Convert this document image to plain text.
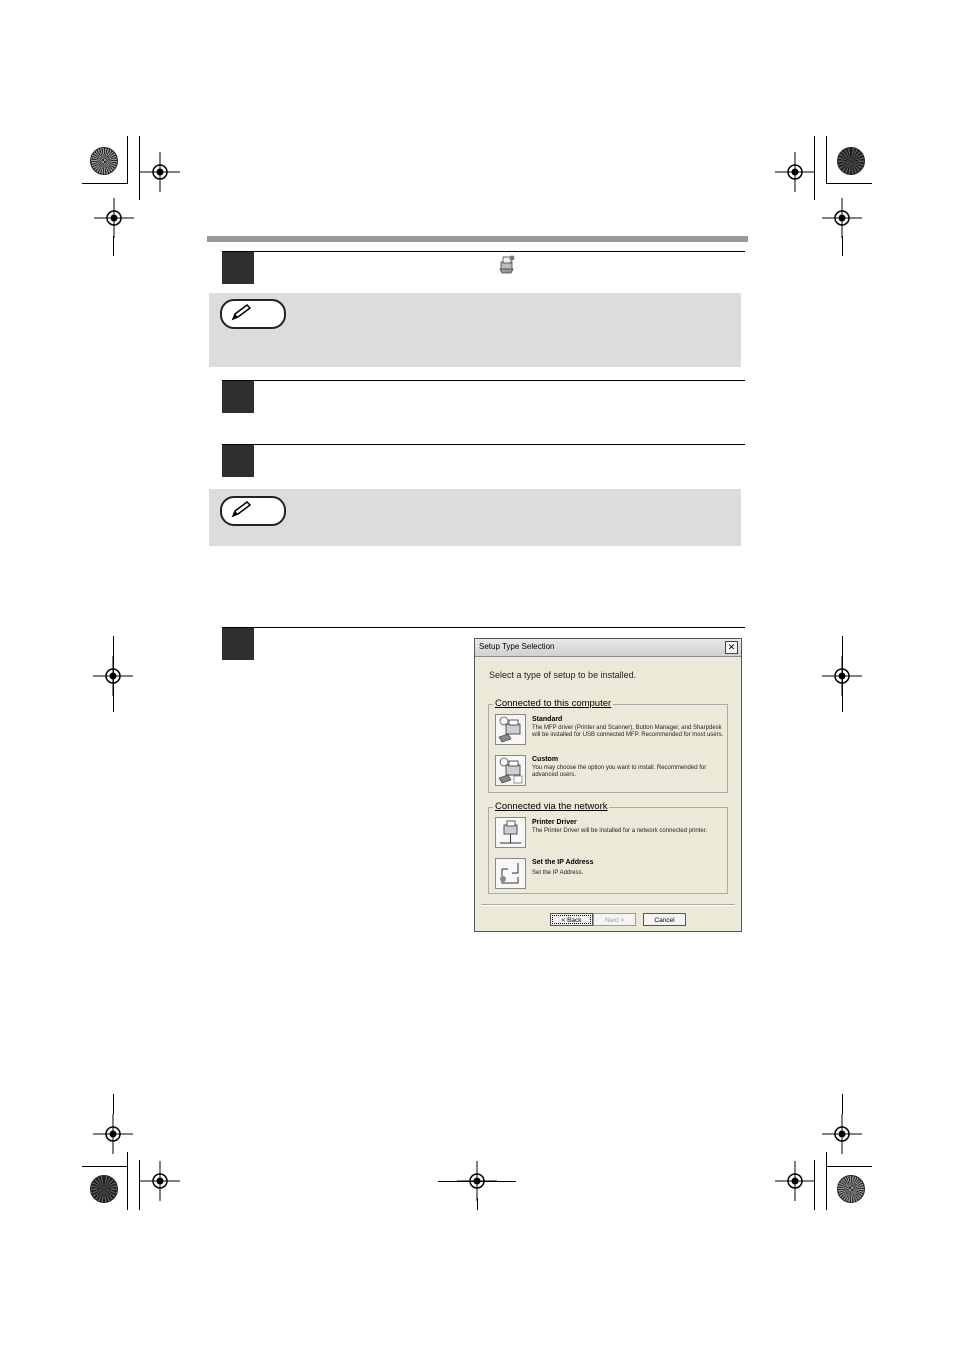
Setup Type Selection	✕
Select a type of setup to be installed.
Connected to this computer
Standard
The MFP driver (Printer and Scanner), Button Manager, and Sharpdesk will be installed for USB connected MFP. Recommended for most users.
Custom
You may choose the option you want to install. Recommended for advanced users.
Connected via the network
Printer Driver
The Printer Driver will be installed for a network connected printer.
Set the IP Address
Set the IP Address.
< Back	Next >	Cancel
